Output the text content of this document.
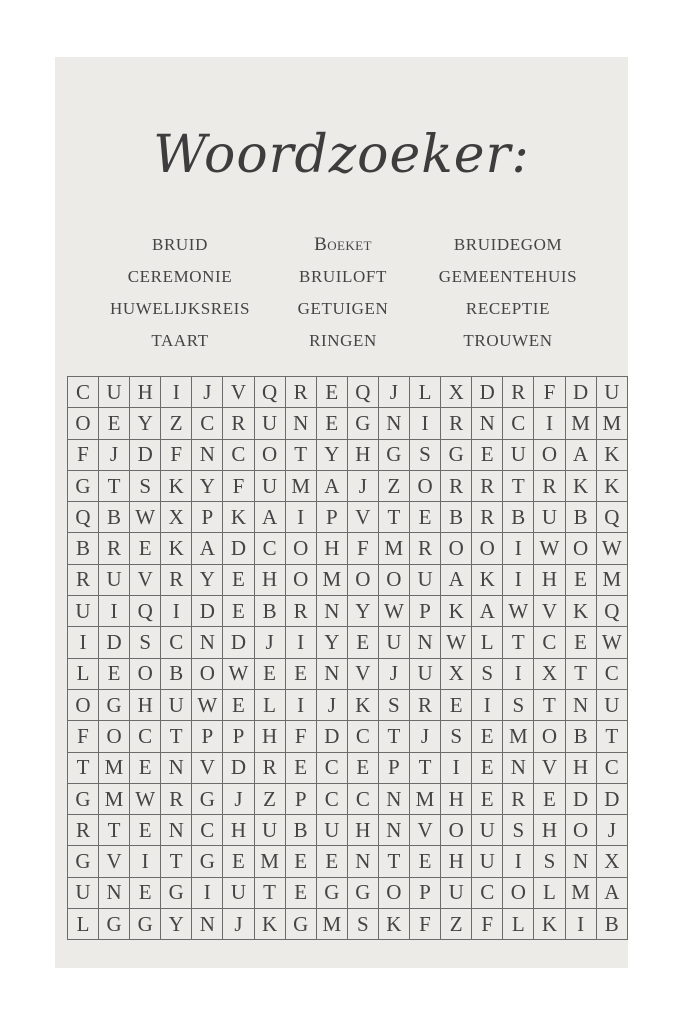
Woordzoeker:
BRUID	Boeket	BRUIDEGOM
CEREMONIE	BRUILOFT	GEMEENTEHUIS
HUWELIJKSREIS	GETUIGEN	RECEPTIE
TAART	RINGEN	TROUWEN
C	U	H	I	J	V	Q	R	E	Q	J	L	X	D	R	F	D	U
O	E	Y	Z	C	R	U	N	E	G	N	I	R	N	C	I	M	M
F	J	D	F	N	C	O	T	Y	H	G	S	G	E	U	O	A	K
G	T	S	K	Y	F	U	M	A	J	Z	O	R	R	T	R	K	K
Q	B	W	X	P	K	A	I	P	V	T	E	B	R	B	U	B	Q
B	R	E	K	A	D	C	O	H	F	M	R	O	O	I	W	O	W
R	U	V	R	Y	E	H	O	M	O	O	U	A	K	I	H	E	M
U	I	Q	I	D	E	B	R	N	Y	W	P	K	A	W	V	K	Q
I	D	S	C	N	D	J	I	Y	E	U	N	W	L	T	C	E	W
L	E	O	B	O	W	E	E	N	V	J	U	X	S	I	X	T	C
O	G	H	U	W	E	L	I	J	K	S	R	E	I	S	T	N	U
F	O	C	T	P	P	H	F	D	C	T	J	S	E	M	O	B	T
T	M	E	N	V	D	R	E	C	E	P	T	I	E	N	V	H	C
G	M	W	R	G	J	Z	P	C	C	N	M	H	E	R	E	D	D
R	T	E	N	C	H	U	B	U	H	N	V	O	U	S	H	O	J
G	V	I	T	G	E	M	E	E	N	T	E	H	U	I	S	N	X
U	N	E	G	I	U	T	E	G	G	O	P	U	C	O	L	M	A
L	G	G	Y	N	J	K	G	M	S	K	F	Z	F	L	K	I	B
